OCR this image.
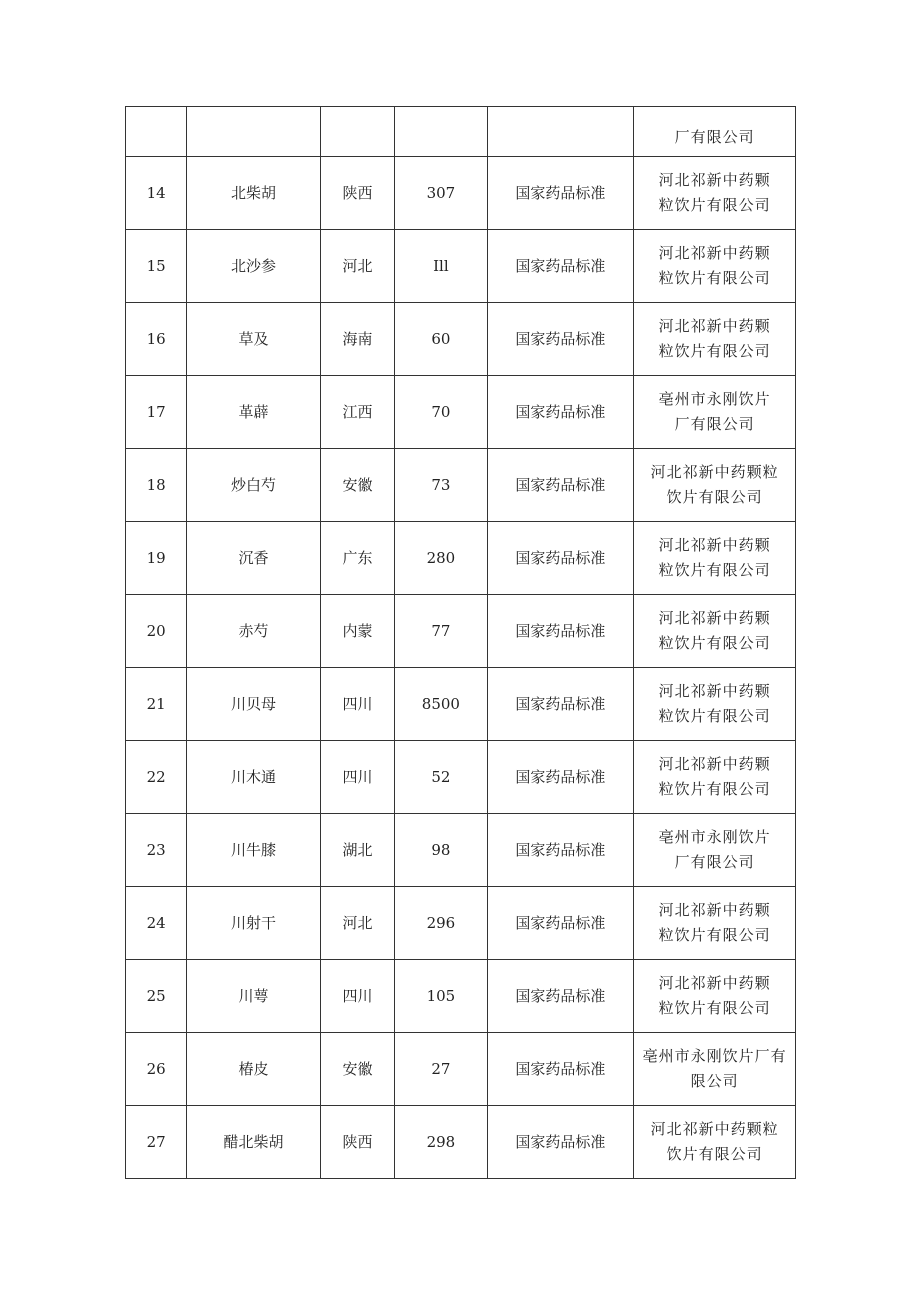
					厂有限公司

14	北柴胡	陕西	307	国家药品标准	河北祁新中药颗
粒饮片有限公司

15	北沙参	河北	Ill	国家药品标准	河北祁新中药颗
粒饮片有限公司

16	草及	海南	60	国家药品标准	河北祁新中药颗
粒饮片有限公司

17	革薜	江西	70	国家药品标准	亳州市永刚饮片
厂有限公司

18	炒白芍	安徽	73	国家药品标准	河北祁新中药颗粒
饮片有限公司

19	沉香	广东	280	国家药品标准	河北祁新中药颗
粒饮片有限公司

20	赤芍	内蒙	77	国家药品标准	河北祁新中药颗
粒饮片有限公司

21	川贝母	四川	8500	国家药品标准	河北祁新中药颗
粒饮片有限公司

22	川木通	四川	52	国家药品标准	河北祁新中药颗
粒饮片有限公司

23	川牛膝	湖北	98	国家药品标准	亳州市永刚饮片
厂有限公司

24	川射干	河北	296	国家药品标准	河北祁新中药颗
粒饮片有限公司

25	川萼	四川	105	国家药品标准	河北祁新中药颗
粒饮片有限公司

26	椿皮	安徽	27	国家药品标准	亳州市永刚饮片厂有
限公司

27	醋北柴胡	陕西	298	国家药品标准	河北祁新中药颗粒
饮片有限公司
